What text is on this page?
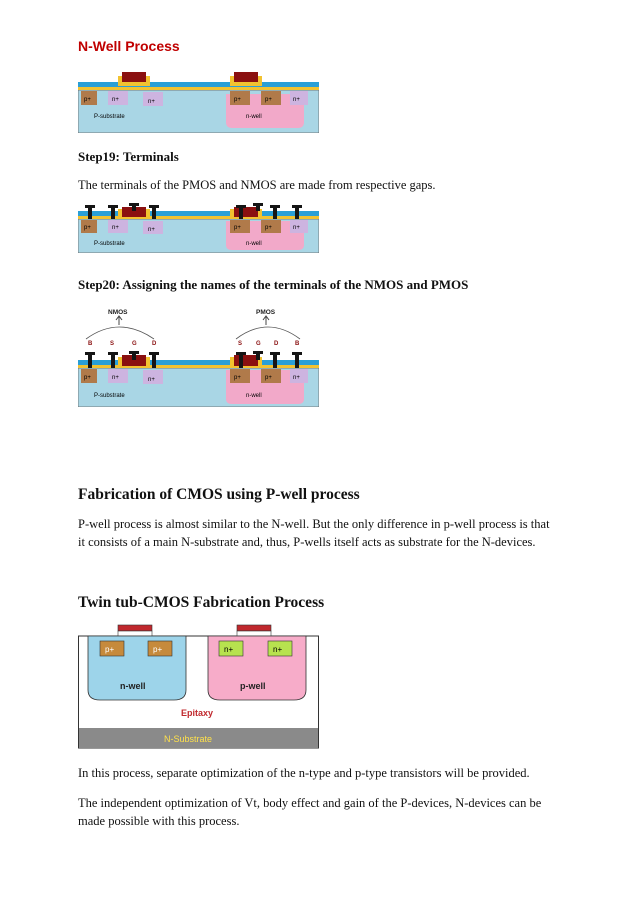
N-Well Process
p+	n+	n+	p+	p+	n+
P-substrate	n-well
Step19: Terminals
The terminals of the PMOS and NMOS are made from respective gaps.
p+	n+	n+	p+	p+	n+
P-substrate	n-well
Step20: Assigning the names of the terminals of the NMOS and PMOS
NMOS	PMOS
B	S	G	D	S G D	B
p+	n+	n+	p+	p+	n+
P-substrate	n-well
Fabrication of CMOS using P-well process
P-well process is almost similar to the N-well. But the only difference in p-well process is that
it consists of a main N-substrate and, thus, P-wells itself acts as substrate for the N-devices.
Twin tub-CMOS Fabrication Process
p+	p+	n+	n+
n-well	p-well
Epitaxy
N-Substrate
In this process, separate optimization of the n-type and p-type transistors will be provided.
The independent optimization of Vt, body effect and gain of the P-devices, N-devices can be
made possible with this process.
